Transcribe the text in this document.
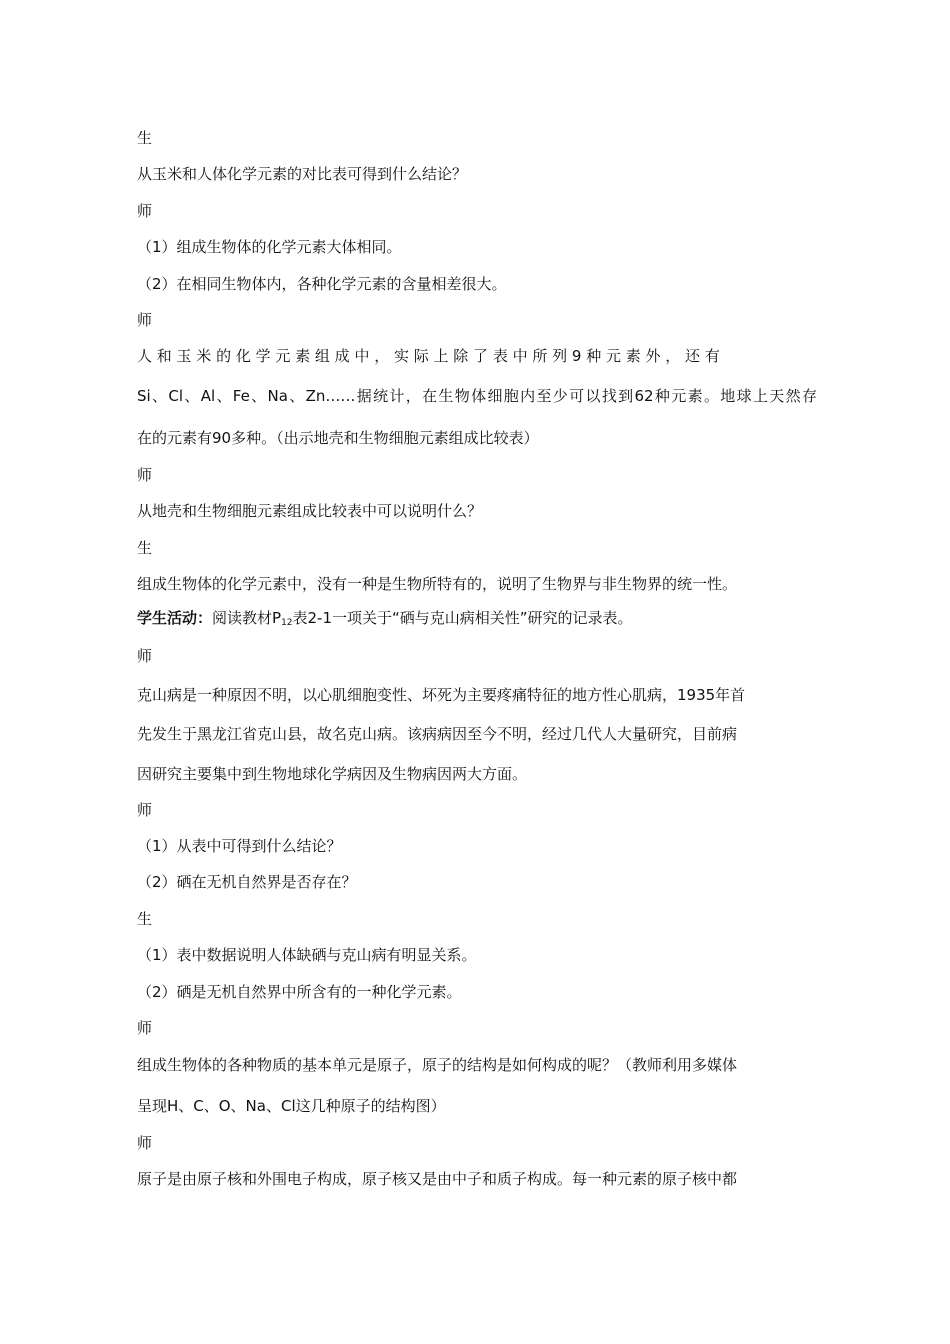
生
从玉米和人体化学元素的对比表可得到什么结论？
师
（1）组成生物体的化学元素大体相同。
（2）在相同生物体内，各种化学元素的含量相差很大。
师
人 和 玉 米 的 化 学 元 素 组 成 中 ， 实 际 上 除 了 表 中 所 列 9 种 元 素 外 ， 还 有
Si、Cl、Al、Fe、Na、Zn……据统计，在生物体细胞内至少可以找到62种元素。地球上天然存
在的元素有90多种。（出示地壳和生物细胞元素组成比较表）
师
从地壳和生物细胞元素组成比较表中可以说明什么？
生
组成生物体的化学元素中，没有一种是生物所特有的，说明了生物界与非生物界的统一性。
学生活动：阅读教材$P_{12}$表2-1一项关于“硒与克山病相关性”研究的记录表。
师
克山病是一种原因不明，以心肌细胞变性、坏死为主要疼痛特征的地方性心肌病，1935年首
先发生于黑龙江省克山县，故名克山病。该病病因至今不明，经过几代人大量研究，目前病
因研究主要集中到生物地球化学病因及生物病因两大方面。
师
（1）从表中可得到什么结论？
（2）硒在无机自然界是否存在？
生
（1）表中数据说明人体缺硒与克山病有明显关系。
（2）硒是无机自然界中所含有的一种化学元素。
师
组成生物体的各种物质的基本单元是原子，原子的结构是如何构成的呢？（教师利用多媒体
呈现H、C、O、Na、Cl这几种原子的结构图）
师
原子是由原子核和外围电子构成，原子核又是由中子和质子构成。每一种元素的原子核中都
